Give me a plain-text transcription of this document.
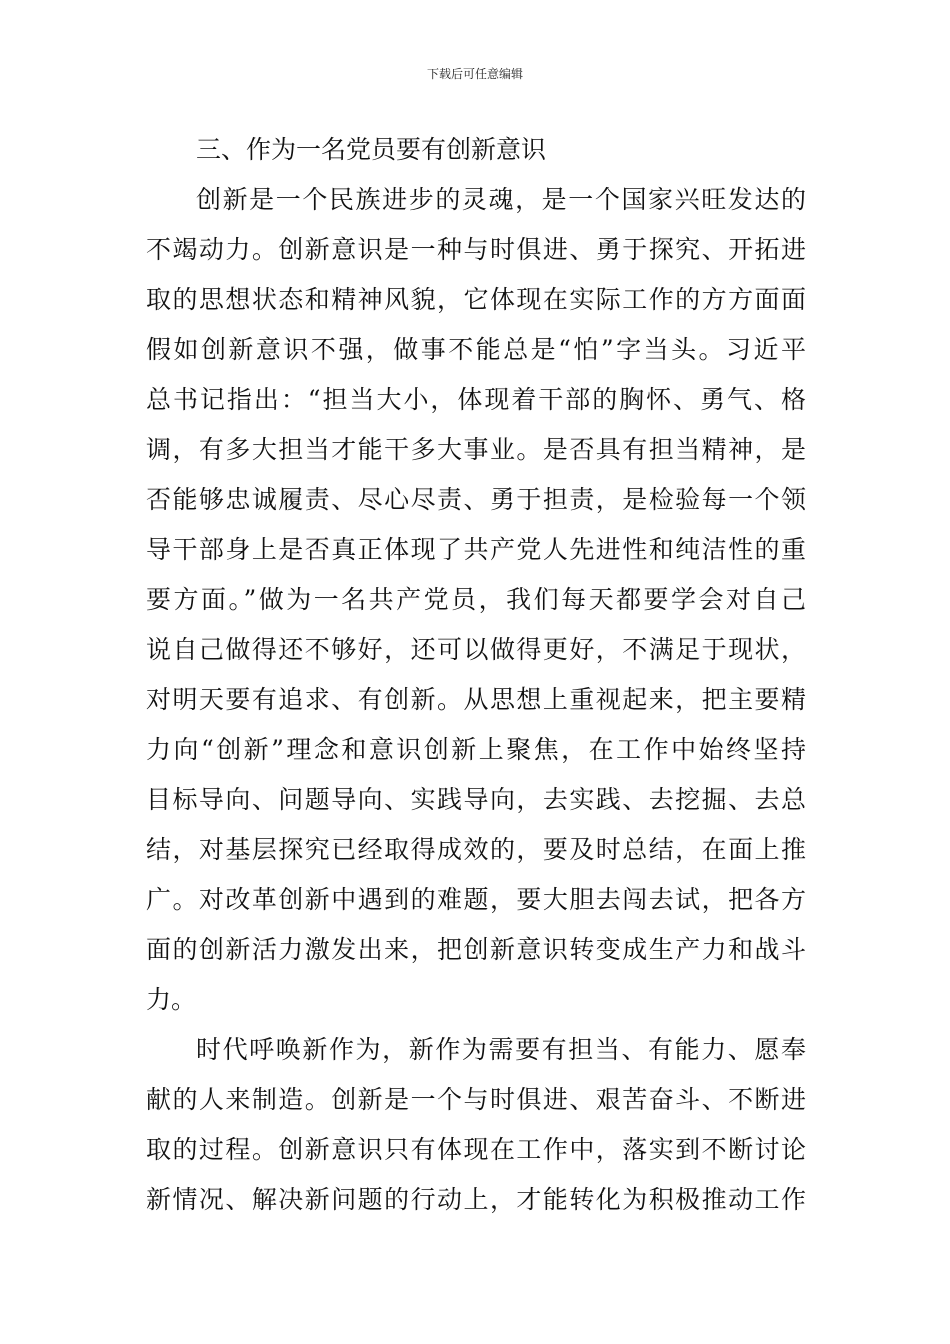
下载后可任意编辑
三、作为一名党员要有创新意识
创新是一个民族进步的灵魂，是一个国家兴旺发达的
不竭动力。创新意识是一种与时俱进、勇于探究、开拓进
取的思想状态和精神风貌，它体现在实际工作的方方面面
假如创新意识不强，做事不能总是“怕”字当头。习近平
总书记指出：“担当大小，体现着干部的胸怀、勇气、格
调，有多大担当才能干多大事业。是否具有担当精神，是
否能够忠诚履责、尽心尽责、勇于担责，是检验每一个领
导干部身上是否真正体现了共产党人先进性和纯洁性的重
要方面。”做为一名共产党员，我们每天都要学会对自己
说自己做得还不够好，还可以做得更好，不满足于现状，
对明天要有追求、有创新。从思想上重视起来，把主要精
力向“创新”理念和意识创新上聚焦，在工作中始终坚持
目标导向、问题导向、实践导向，去实践、去挖掘、去总
结，对基层探究已经取得成效的，要及时总结，在面上推
广。对改革创新中遇到的难题，要大胆去闯去试，把各方
面的创新活力激发出来，把创新意识转变成生产力和战斗
力。
时代呼唤新作为，新作为需要有担当、有能力、愿奉
献的人来制造。创新是一个与时俱进、艰苦奋斗、不断进
取的过程。创新意识只有体现在工作中，落实到不断讨论
新情况、解决新问题的行动上，才能转化为积极推动工作
